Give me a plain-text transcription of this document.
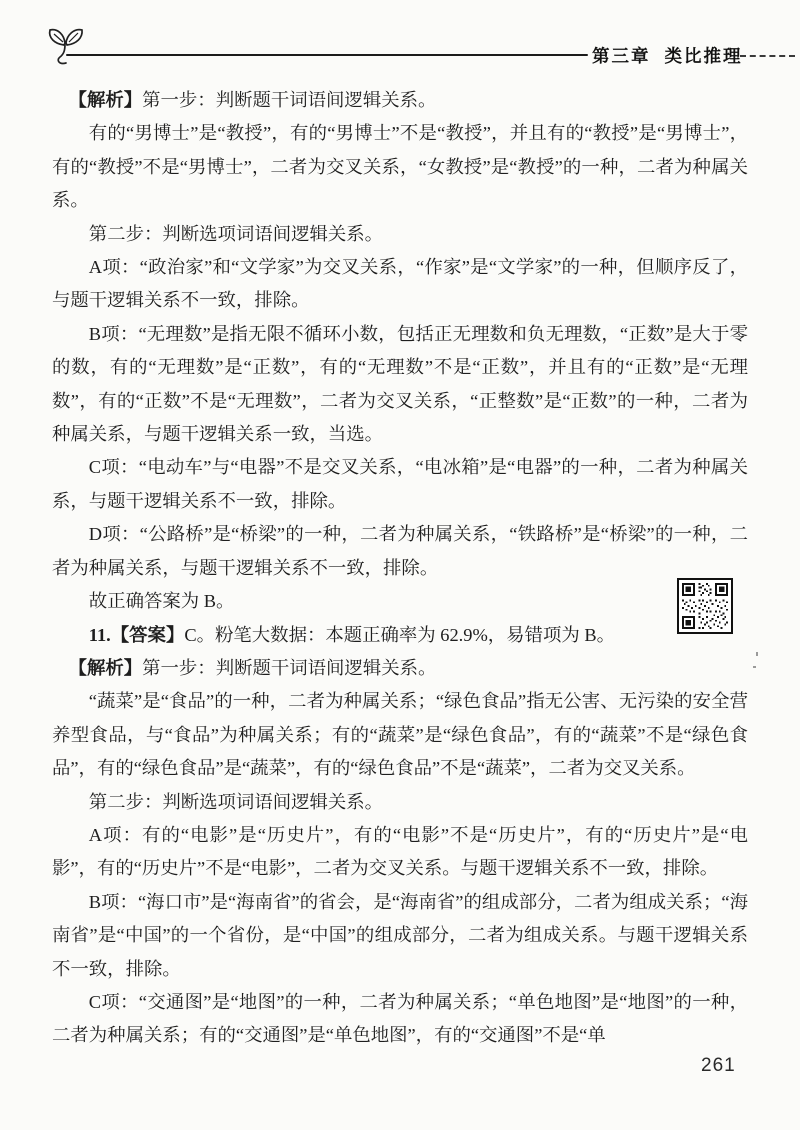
第三章 类比推理

【解析】第一步：判断题干词语间逻辑关系。

有的“男博士”是“教授”，有的“男博士”不是“教授”，并且有的“教授”是“男博士”，有的“教授”不是“男博士”，二者为交叉关系，“女教授”是“教授”的一种，二者为种属关系。

第二步：判断选项词语间逻辑关系。

A项：“政治家”和“文学家”为交叉关系，“作家”是“文学家”的一种，但顺序反了，与题干逻辑关系不一致，排除。

B项：“无理数”是指无限不循环小数，包括正无理数和负无理数，“正数”是大于零的数，有的“无理数”是“正数”，有的“无理数”不是“正数”，并且有的“正数”是“无理数”，有的“正数”不是“无理数”，二者为交叉关系，“正整数”是“正数”的一种，二者为种属关系，与题干逻辑关系一致，当选。

C项：“电动车”与“电器”不是交叉关系，“电冰箱”是“电器”的一种，二者为种属关系，与题干逻辑关系不一致，排除。

D项：“公路桥”是“桥梁”的一种，二者为种属关系，“铁路桥”是“桥梁”的一种，二者为种属关系，与题干逻辑关系不一致，排除。

故正确答案为 B。

11.【答案】C。粉笔大数据：本题正确率为 62.9%，易错项为 B。

【解析】第一步：判断题干词语间逻辑关系。

“蔬菜”是“食品”的一种，二者为种属关系；“绿色食品”指无公害、无污染的安全营养型食品，与“食品”为种属关系；有的“蔬菜”是“绿色食品”，有的“蔬菜”不是“绿色食品”，有的“绿色食品”是“蔬菜”，有的“绿色食品”不是“蔬菜”，二者为交叉关系。

第二步：判断选项词语间逻辑关系。

A项：有的“电影”是“历史片”，有的“电影”不是“历史片”，有的“历史片”是“电影”，有的“历史片”不是“电影”，二者为交叉关系。与题干逻辑关系不一致，排除。

B项：“海口市”是“海南省”的省会，是“海南省”的组成部分，二者为组成关系；“海南省”是“中国”的一个省份，是“中国”的组成部分，二者为组成关系。与题干逻辑关系不一致，排除。

C项：“交通图”是“地图”的一种，二者为种属关系；“单色地图”是“地图”的一种，二者为种属关系；有的“交通图”是“单色地图”，有的“交通图”不是“单

261
